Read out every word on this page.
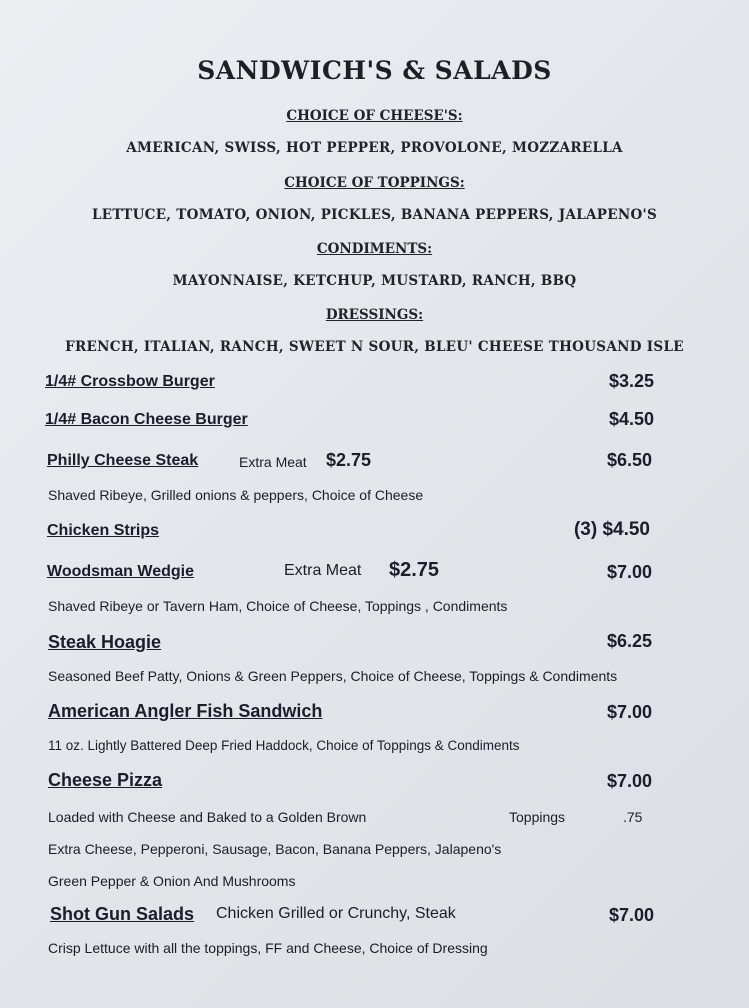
SANDWICH'S & SALADS
CHOICE OF CHEESE'S:
AMERICAN, SWISS, HOT PEPPER, PROVOLONE, MOZZARELLA
CHOICE OF TOPPINGS:
LETTUCE, TOMATO, ONION, PICKLES, BANANA PEPPERS, JALAPENO'S
CONDIMENTS:
MAYONNAISE, KETCHUP, MUSTARD, RANCH, BBQ
DRESSINGS:
FRENCH, ITALIAN, RANCH, SWEET N SOUR, BLEU' CHEESE THOUSAND ISLE
1/4# Crossbow Burger	$3.25
1/4# Bacon Cheese Burger	$4.50
Philly Cheese Steak	Extra Meat $2.75	$6.50
Shaved Ribeye, Grilled onions & peppers, Choice of Cheese
Chicken Strips	(3) $4.50
Woodsman Wedgie	Extra Meat $2.75	$7.00
Shaved Ribeye or Tavern Ham, Choice of Cheese, Toppings , Condiments
Steak Hoagie	$6.25
Seasoned Beef Patty, Onions & Green Peppers, Choice of Cheese, Toppings & Condiments
American Angler Fish Sandwich	$7.00
11 oz. Lightly Battered Deep Fried Haddock, Choice of Toppings & Condiments
Cheese Pizza	$7.00
Loaded with Cheese and Baked to a Golden Brown	Toppings	.75
Extra Cheese, Pepperoni, Sausage, Bacon, Banana Peppers, Jalapeno's
Green Pepper & Onion And Mushrooms
Shot Gun Salads	Chicken Grilled or Crunchy, Steak	$7.00
Crisp Lettuce with all the toppings, FF and Cheese, Choice of Dressing
